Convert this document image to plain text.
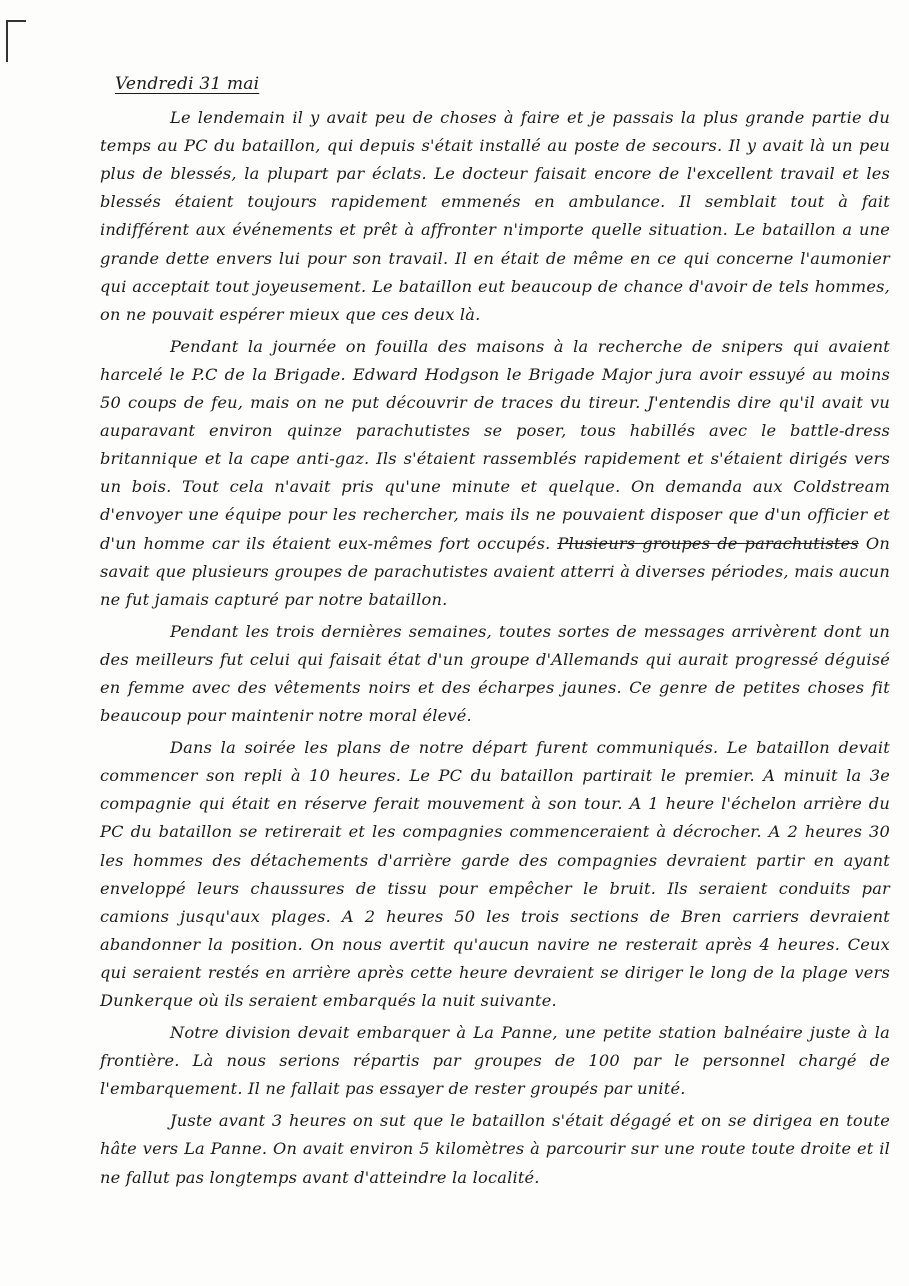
Vendredi 31 mai

Le lendemain il y avait peu de choses à faire et je passais la plus grande partie du temps au PC du bataillon, qui depuis s'était installé au poste de secours. Il y avait là un peu plus de blessés, la plupart par éclats. Le docteur faisait encore de l'excellent travail et les blessés étaient toujours rapidement emmenés en ambulance. Il semblait tout à fait indifférent aux événements et prêt à affronter n'importe quelle situation. Le bataillon a une grande dette envers lui pour son travail. Il en était de même en ce qui concerne l'aumonier qui acceptait tout joyeusement. Le bataillon eut beaucoup de chance d'avoir de tels hommes, on ne pouvait espérer mieux que ces deux là.

Pendant la journée on fouilla des maisons à la recherche de snipers qui avaient harcelé le P.C de la Brigade. Edward Hodgson le Brigade Major jura avoir essuyé au moins 50 coups de feu, mais on ne put découvrir de traces du tireur. J'entendis dire qu'il avait vu auparavant environ quinze parachutistes se poser, tous habillés avec le battle-dress britannique et la cape anti-gaz. Ils s'étaient rassemblés rapidement et s'étaient dirigés vers un bois. Tout cela n'avait pris qu'une minute et quelque. On demanda aux Coldstream d'envoyer une équipe pour les rechercher, mais ils ne pouvaient disposer que d'un officier et d'un homme car ils étaient eux-mêmes fort occupés. Plusieurs groupes de parachutistes On savait que plusieurs groupes de parachutistes avaient atterri à diverses périodes, mais aucun ne fut jamais capturé par notre bataillon.

Pendant les trois dernières semaines, toutes sortes de messages arrivèrent dont un des meilleurs fut celui qui faisait état d'un groupe d'Allemands qui aurait progressé déguisé en femme avec des vêtements noirs et des écharpes jaunes. Ce genre de petites choses fit beaucoup pour maintenir notre moral élevé.

Dans la soirée les plans de notre départ furent communiqués. Le bataillon devait commencer son repli à 10 heures. Le PC du bataillon partirait le premier. A minuit la 3e compagnie qui était en réserve ferait mouvement à son tour. A 1 heure l'échelon arrière du PC du bataillon se retirerait et les compagnies commenceraient à décrocher. A 2 heures 30 les hommes des détachements d'arrière garde des compagnies devraient partir en ayant enveloppé leurs chaussures de tissu pour empêcher le bruit. Ils seraient conduits par camions jusqu'aux plages. A 2 heures 50 les trois sections de Bren carriers devraient abandonner la position. On nous avertit qu'aucun navire ne resterait après 4 heures. Ceux qui seraient restés en arrière après cette heure devraient se diriger le long de la plage vers Dunkerque où ils seraient embarqués la nuit suivante.

Notre division devait embarquer à La Panne, une petite station balnéaire juste à la frontière. Là nous serions répartis par groupes de 100 par le personnel chargé de l'embarquement. Il ne fallait pas essayer de rester groupés par unité.

Juste avant 3 heures on sut que le bataillon s'était dégagé et on se dirigea en toute hâte vers La Panne. On avait environ 5 kilomètres à parcourir sur une route toute droite et il ne fallut pas longtemps avant d'atteindre la localité.
